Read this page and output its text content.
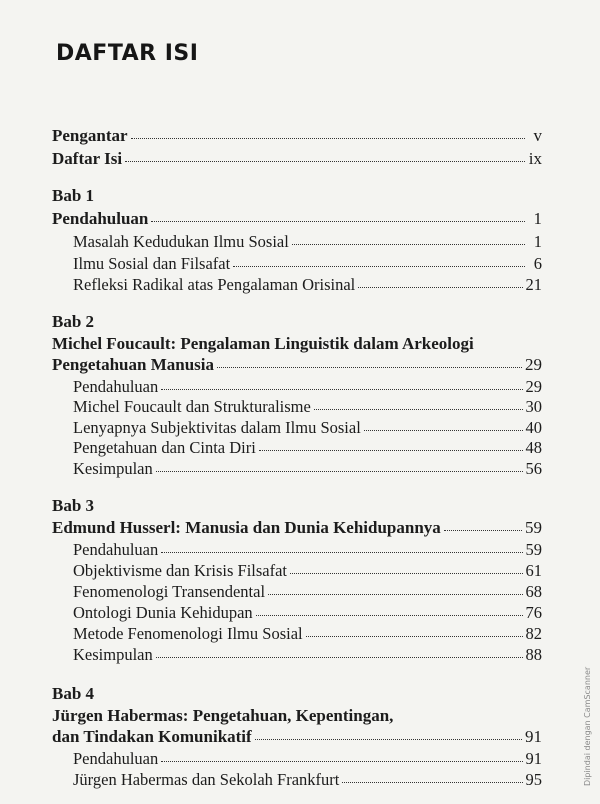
DAFTAR ISI
Pengantar	v
Daftar Isi	ix
Bab 1
Pendahuluan	1
Masalah Kedudukan Ilmu Sosial	1
Ilmu Sosial dan Filsafat	6
Refleksi Radikal atas Pengalaman Orisinal	21
Bab 2
Michel Foucault: Pengalaman Linguistik dalam Arkeologi
Pengetahuan Manusia	29
Pendahuluan	29
Michel Foucault dan Strukturalisme	30
Lenyapnya Subjektivitas dalam Ilmu Sosial	40
Pengetahuan dan Cinta Diri	48
Kesimpulan	56
Bab 3
Edmund Husserl: Manusia dan Dunia Kehidupannya	59
Pendahuluan	59
Objektivisme dan Krisis Filsafat	61
Fenomenologi Transendental	68
Ontologi Dunia Kehidupan	76
Metode Fenomenologi Ilmu Sosial	82
Kesimpulan	88
Bab 4
Jürgen Habermas: Pengetahuan, Kepentingan,
dan Tindakan Komunikatif	91
Pendahuluan	91
Jürgen Habermas dan Sekolah Frankfurt	95	Dipindai dengan CamScanner
